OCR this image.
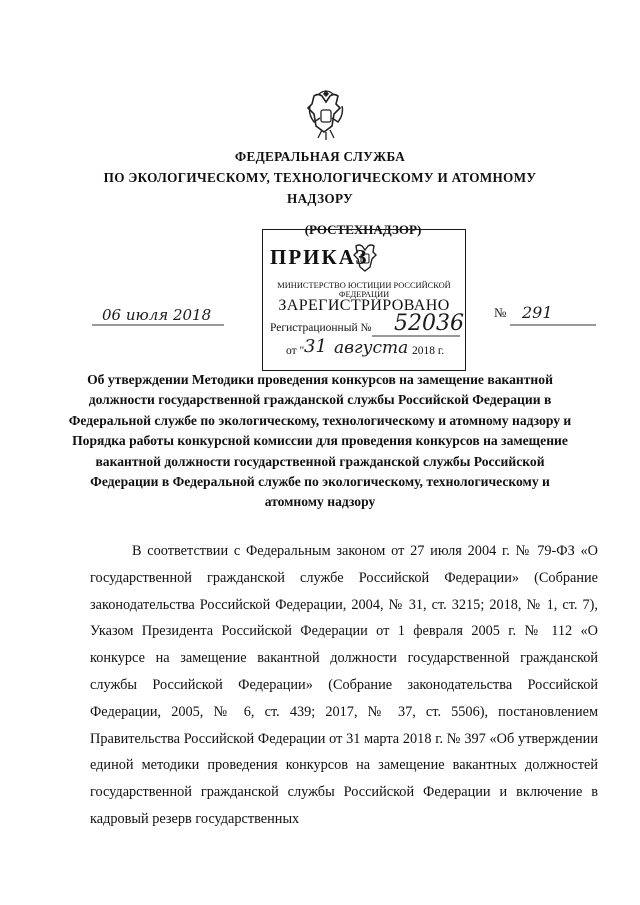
ФЕДЕРАЛЬНАЯ СЛУЖБА
ПО ЭКОЛОГИЧЕСКОМУ, ТЕХНОЛОГИЧЕСКОМУ И АТОМНОМУ
НАДЗОРУ
(РОСТЕХНАДЗОР)
ПРИКАЗ
МИНИСТЕРСТВО ЮСТИЦИИ РОССИЙСКОЙ ФЕДЕРАЦИИ
ЗАРЕГИСТРИРОВАНО
Регистрационный № 52036
от " 31 августа 2018 г.
06 июля 2018	№ 291
Об утверждении Методики проведения конкурсов на замещение вакантной должности государственной гражданской службы Российской Федерации в Федеральной службе по экологическому, технологическому и атомному надзору и Порядка работы конкурсной комиссии для проведения конкурсов на замещение вакантной должности государственной гражданской службы Российской Федерации в Федеральной службе по экологическому, технологическому и атомному надзору
В соответствии с Федеральным законом от 27 июля 2004 г. № 79-ФЗ «О государственной гражданской службе Российской Федерации» (Собрание законодательства Российской Федерации, 2004, № 31, ст. 3215; 2018, № 1, ст. 7), Указом Президента Российской Федерации от 1 февраля 2005 г. № 112 «О конкурсе на замещение вакантной должности государственной гражданской службы Российской Федерации» (Собрание законодательства Российской Федерации, 2005, № 6, ст. 439; 2017, № 37, ст. 5506), постановлением Правительства Российской Федерации от 31 марта 2018 г. № 397 «Об утверждении единой методики проведения конкурсов на замещение вакантных должностей государственной гражданской службы Российской Федерации и включение в кадровый резерв государственных
